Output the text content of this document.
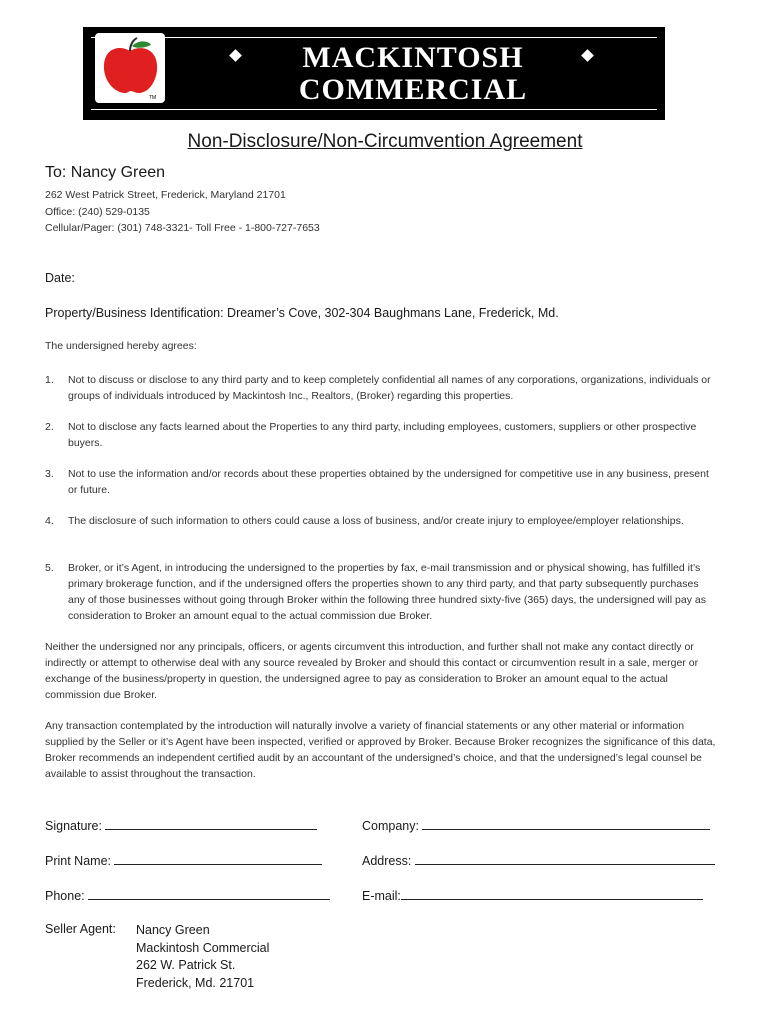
TM
MACKINTOSH
COMMERCIAL
Non-Disclosure/Non-Circumvention Agreement

To: Nancy Green

262 West Patrick Street, Frederick, Maryland 21701

Office: (240) 529-0135

Cellular/Pager: (301) 748-3321- Toll Free - 1-800-727-7653

Date:

Property/Business Identification: Dreamer’s Cove, 302-304 Baughmans Lane, Frederick, Md.

The undersigned hereby agrees:

1.	Not to discuss or disclose to any third party and to keep completely confidential all names of any corporations, organizations, individuals or groups of individuals introduced by Mackintosh Inc., Realtors, (Broker) regarding this properties.
2.	Not to disclose any facts learned about the Properties to any third party, including employees, customers, suppliers or other prospective buyers.
3.	Not to use the information and/or records about these properties obtained by the undersigned for competitive use in any business, present or future.
4.	The disclosure of such information to others could cause a loss of business, and/or create injury to employee/employer relationships.
5.	Broker, or it’s Agent, in introducing the undersigned to the properties by fax, e-mail transmission and or physical showing, has fulfilled it’s primary brokerage function, and if the undersigned offers the properties shown to any third party, and that party subsequently purchases any of those businesses without going through Broker within the following three hundred sixty-five (365) days, the undersigned will pay as consideration to Broker an amount equal to the actual commission due Broker.

Neither the undersigned nor any principals, officers, or agents circumvent this introduction, and further shall not make any contact directly or indirectly or attempt to otherwise deal with any source revealed by Broker and should this contact or circumvention result in a sale, merger or exchange of the business/property in question, the undersigned agree to pay as consideration to Broker an amount equal to the actual commission due Broker.

Any transaction contemplated by the introduction will naturally involve a variety of financial statements or any other material or information supplied by the Seller or it’s Agent have been inspected, verified or approved by Broker. Because Broker recognizes the significance of this data, Broker recommends an independent certified audit by an accountant of the undersigned’s choice, and that the undersigned’s legal counsel be available to assist throughout the transaction.

Signature:	Company:

Print Name:	Address:

Phone:	E-mail:

Seller Agent: Nancy Green
Mackintosh Commercial
262 W. Patrick St.
Frederick, Md. 21701
